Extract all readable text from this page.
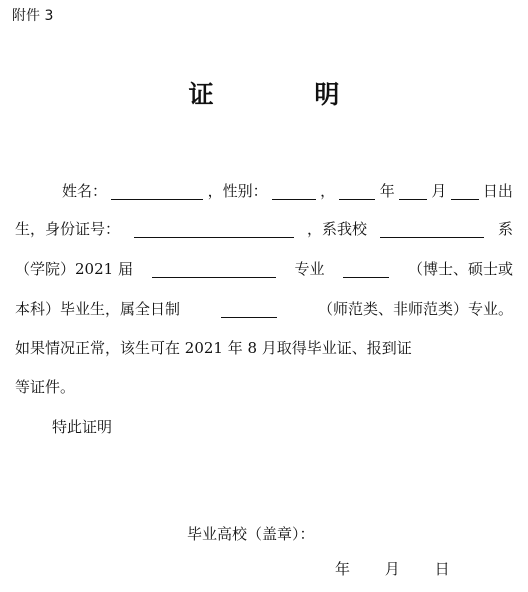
附件 3
证 明
姓名：	，性别：	，	年 月 日出
生，身份证号：	，系我校	系
（学院）2021 届	专业	（博士、硕士或
本科）毕业生，属全日制	（师范类、非师范类）专业。
如果情况正常，该生可在 2021 年 8 月取得毕业证、报到证
等证件。
特此证明
毕业高校（盖章）：
年 月 日
